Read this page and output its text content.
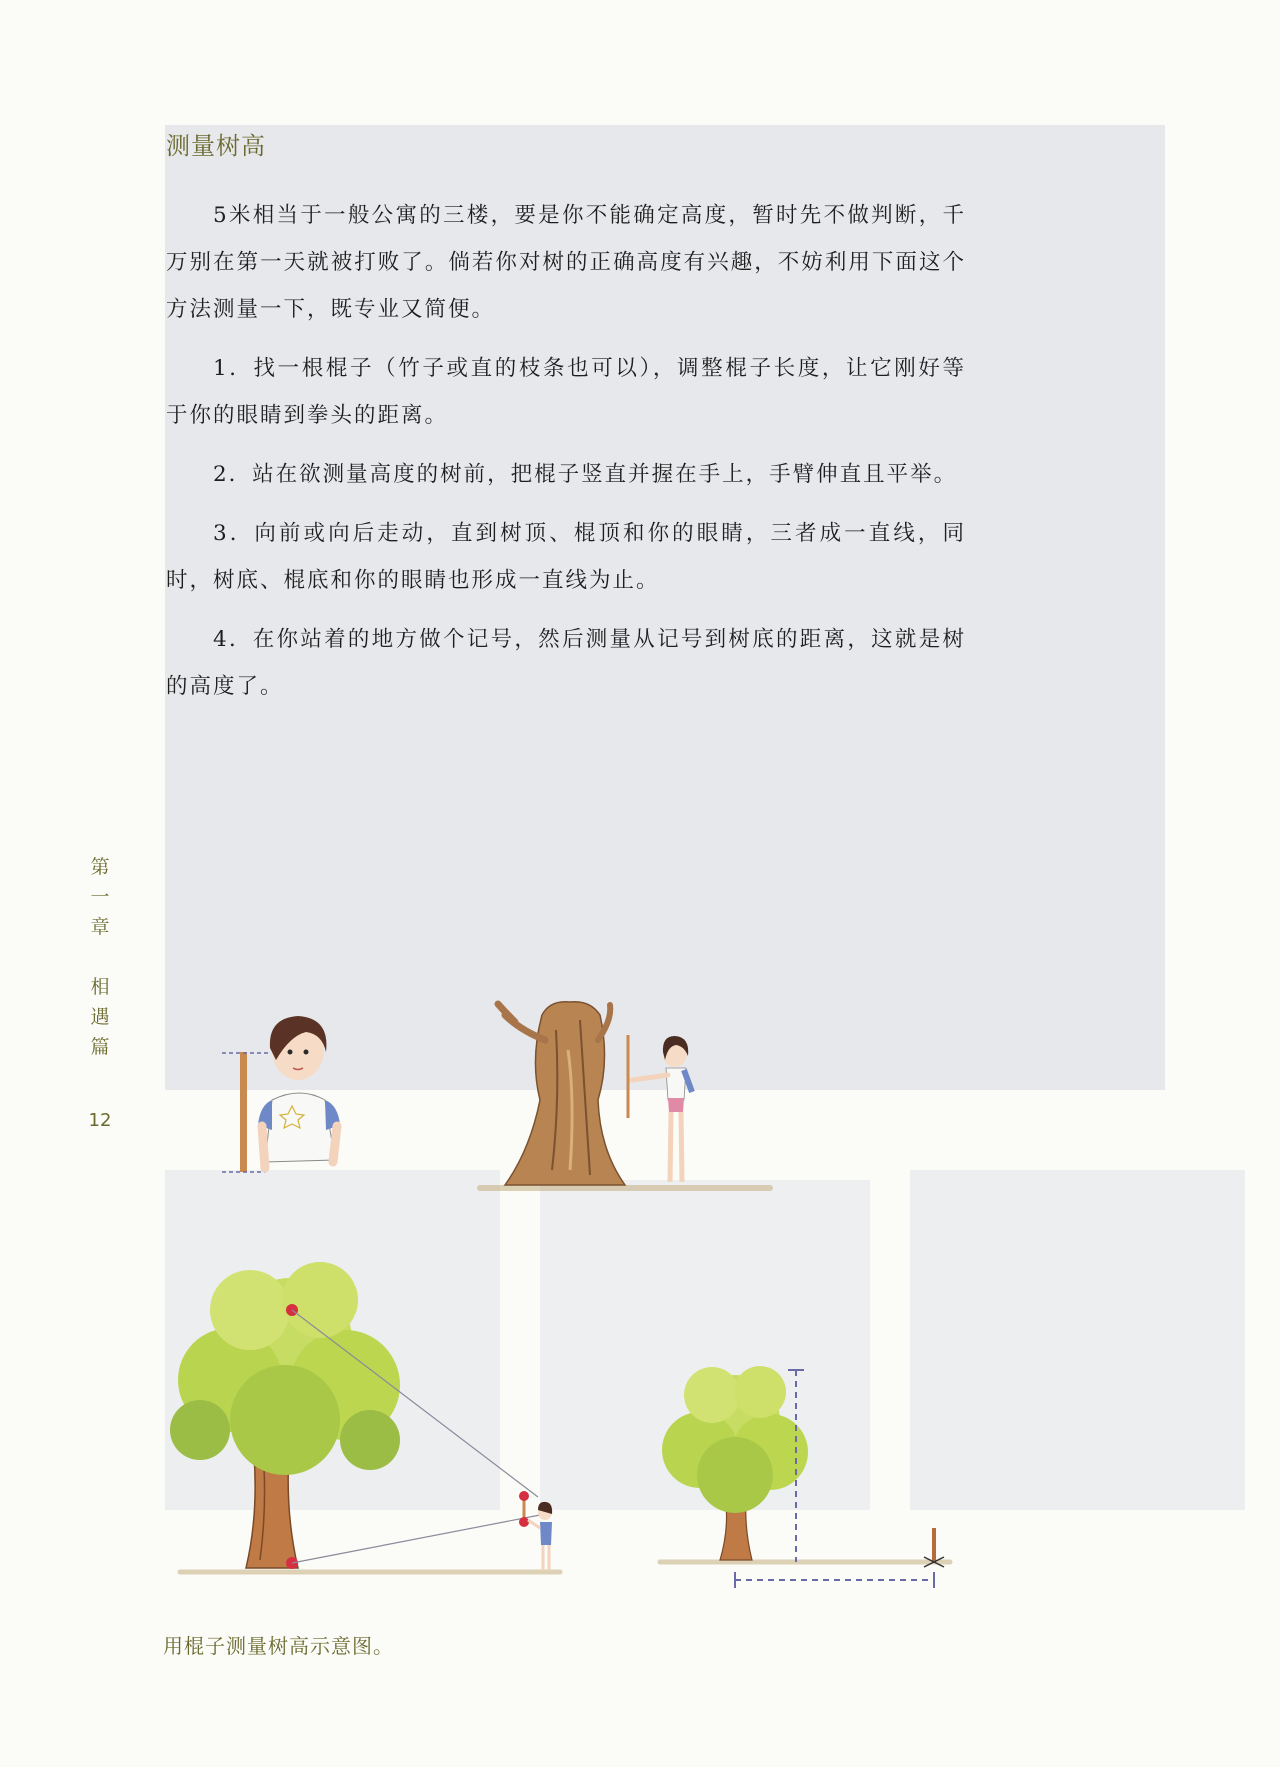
测量树高

5米相当于一般公寓的三楼，要是你不能确定高度，暂时先不做判断，千万别在第一天就被打败了。倘若你对树的正确高度有兴趣，不妨利用下面这个方法测量一下，既专业又简便。

1．找一根棍子（竹子或直的枝条也可以），调整棍子长度，让它刚好等于你的眼睛到拳头的距离。

2．站在欲测量高度的树前，把棍子竖直并握在手上，手臂伸直且平举。

3．向前或向后走动，直到树顶、棍顶和你的眼睛，三者成一直线，同时，树底、棍底和你的眼睛也形成一直线为止。

4．在你站着的地方做个记号，然后测量从记号到树底的距离，这就是树的高度了。

第
一
章
相
遇
篇
12
用棍子测量树高示意图。
